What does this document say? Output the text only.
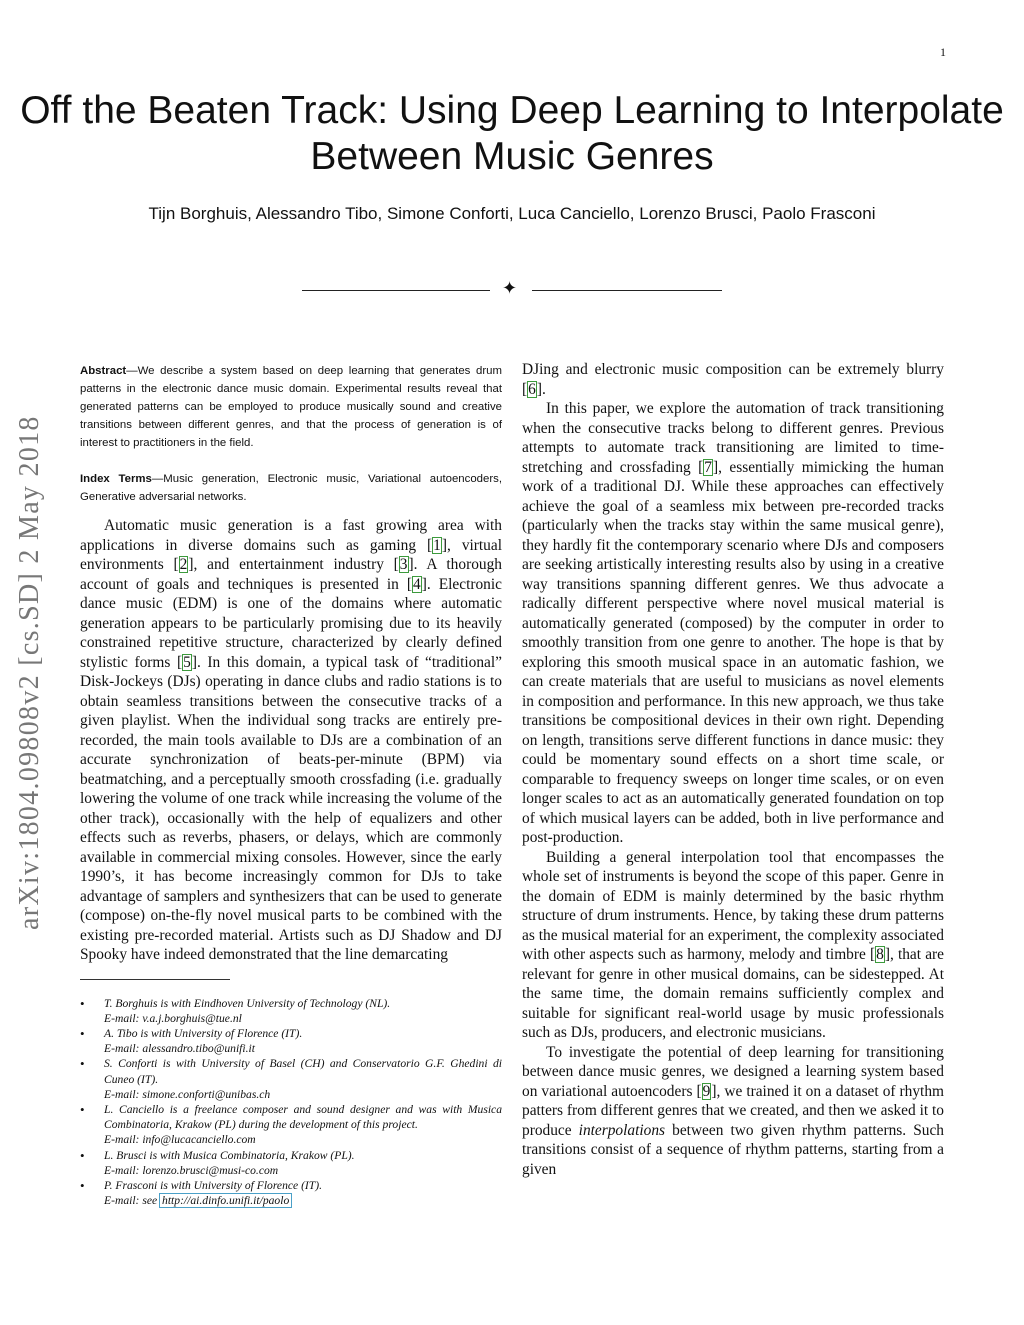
1
Off the Beaten Track: Using Deep Learning to Interpolate Between Music Genres
Tijn Borghuis, Alessandro Tibo, Simone Conforti, Luca Canciello, Lorenzo Brusci, Paolo Frasconi
✦
arXiv:1804.09808v2 [cs.SD] 2 May 2018

Abstract—We describe a system based on deep learning that generates drum patterns in the electronic dance music domain. Experimental results reveal that generated patterns can be employed to produce musically sound and creative transitions between different genres, and that the process of generation is of interest to practitioners in the field.

Index Terms—Music generation, Electronic music, Variational autoencoders, Generative adversarial networks.

Automatic music generation is a fast growing area with applications in diverse domains such as gaming [1], virtual environments [2], and entertainment industry [3]. A thorough account of goals and techniques is presented in [4]. Electronic dance music (EDM) is one of the domains where automatic generation appears to be particularly promising due to its heavily constrained repetitive structure, characterized by clearly defined stylistic forms [5]. In this domain, a typical task of “traditional” Disk-Jockeys (DJs) operating in dance clubs and radio stations is to obtain seamless transitions between the consecutive tracks of a given playlist. When the individual song tracks are entirely pre-recorded, the main tools available to DJs are a combination of an accurate synchronization of beats-per-minute (BPM) via beatmatching, and a perceptually smooth crossfading (i.e. gradually lowering the volume of one track while increasing the volume of the other track), occasionally with the help of equalizers and other effects such as reverbs, phasers, or delays, which are commonly available in commercial mixing consoles. However, since the early 1990’s, it has become increasingly common for DJs to take advantage of samplers and synthesizers that can be used to generate (compose) on-the-fly novel musical parts to be combined with the existing pre-recorded material. Artists such as DJ Shadow and DJ Spooky have indeed demonstrated that the line demarcating

• T. Borghuis is with Eindhoven University of Technology (NL).
E-mail: v.a.j.borghuis@tue.nl
• A. Tibo is with University of Florence (IT).
E-mail: alessandro.tibo@unifi.it
• S. Conforti is with University of Basel (CH) and Conservatorio G.F. Ghedini di Cuneo (IT).
E-mail: simone.conforti@unibas.ch
• L. Canciello is a freelance composer and sound designer and was with Musica Combinatoria, Krakow (PL) during the development of this project.
E-mail: info@lucacanciello.com
• L. Brusci is with Musica Combinatoria, Krakow (PL).
E-mail: lorenzo.brusci@musi-co.com
• P. Frasconi is with University of Florence (IT).
E-mail: see http://ai.dinfo.unifi.it/paolo

DJing and electronic music composition can be extremely blurry [6].

In this paper, we explore the automation of track transitioning when the consecutive tracks belong to different genres. Previous attempts to automate track transitioning are limited to time-stretching and crossfading [7], essentially mimicking the human work of a traditional DJ. While these approaches can effectively achieve the goal of a seamless mix between pre-recorded tracks (particularly when the tracks stay within the same musical genre), they hardly fit the contemporary scenario where DJs and composers are seeking artistically interesting results also by using in a creative way transitions spanning different genres. We thus advocate a radically different perspective where novel musical material is automatically generated (composed) by the computer in order to smoothly transition from one genre to another. The hope is that by exploring this smooth musical space in an automatic fashion, we can create materials that are useful to musicians as novel elements in composition and performance. In this new approach, we thus take transitions be compositional devices in their own right. Depending on length, transitions serve different functions in dance music: they could be momentary sound effects on a short time scale, or comparable to frequency sweeps on longer time scales, or on even longer scales to act as an automatically generated foundation on top of which musical layers can be added, both in live performance and post-production.

Building a general interpolation tool that encompasses the whole set of instruments is beyond the scope of this paper. Genre in the domain of EDM is mainly determined by the basic rhythm structure of drum instruments. Hence, by taking these drum patterns as the musical material for an experiment, the complexity associated with other aspects such as harmony, melody and timbre [8], that are relevant for genre in other musical domains, can be sidestepped. At the same time, the domain remains sufficiently complex and suitable for significant real-world usage by music professionals such as DJs, producers, and electronic musicians.

To investigate the potential of deep learning for transitioning between dance music genres, we designed a learning system based on variational autoencoders [9], we trained it on a dataset of rhythm patters from different genres that we created, and then we asked it to produce interpolations between two given rhythm patterns. Such transitions consist of a sequence of rhythm patterns, starting from a given
